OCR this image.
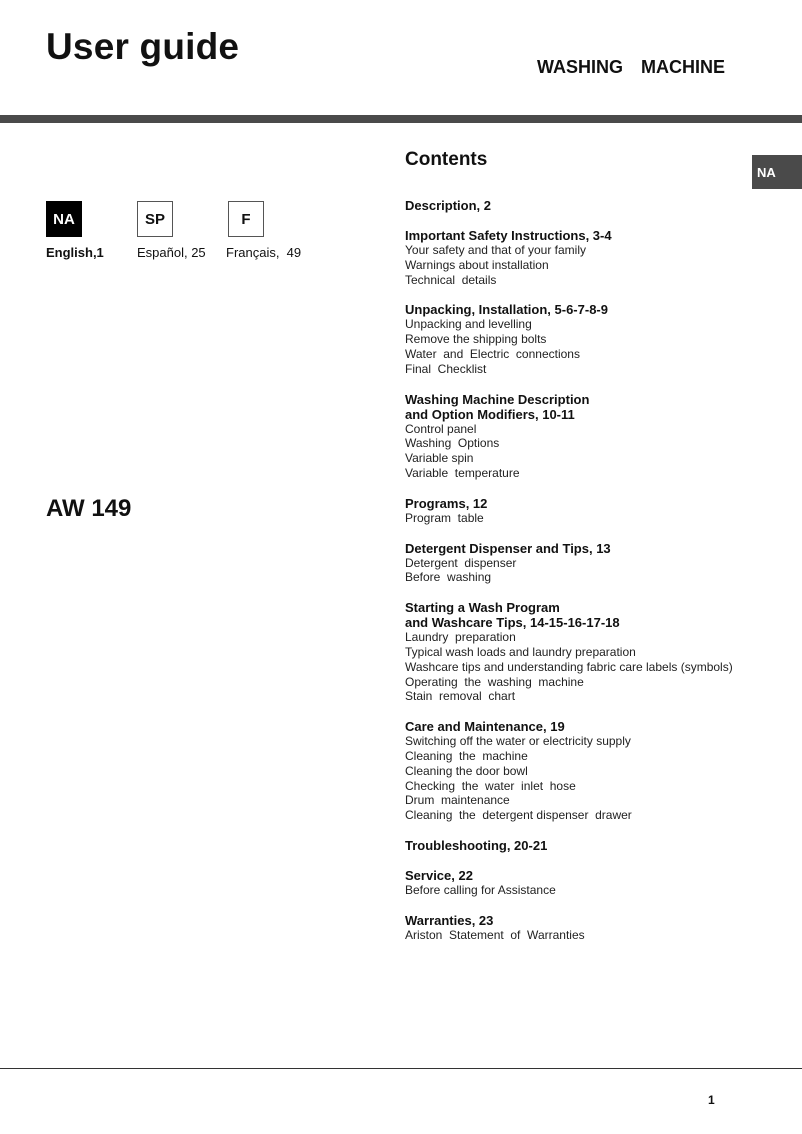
User guide	WASHING  MACHINE
Contents
NA
NA	SP	F
English,1	Español, 25 Français,  49
AW 149
Description, 2
Important Safety Instructions, 3-4
Your safety and that of your family
Warnings about installation
Technical  details
Unpacking, Installation, 5-6-7-8-9
Unpacking and levelling
Remove the shipping bolts
Water  and  Electric  connections
Final  Checklist
Washing Machine Description
and Option Modifiers, 10-11
Control panel
Washing  Options
Variable spin
Variable  temperature
Programs, 12
Program  table
Detergent Dispenser and Tips, 13
Detergent  dispenser
Before  washing
Starting a Wash Program
and Washcare Tips, 14-15-16-17-18
Laundry  preparation
Typical wash loads and laundry preparation
Washcare tips and understanding fabric care labels (symbols)
Operating  the  washing  machine
Stain  removal  chart
Care and Maintenance, 19
Switching off the water or electricity supply
Cleaning  the  machine
Cleaning the door bowl
Checking  the  water  inlet  hose
Drum  maintenance
Cleaning  the  detergent dispenser  drawer
Troubleshooting, 20-21
Service, 22
Before calling for Assistance
Warranties, 23
Ariston  Statement  of  Warranties
1
